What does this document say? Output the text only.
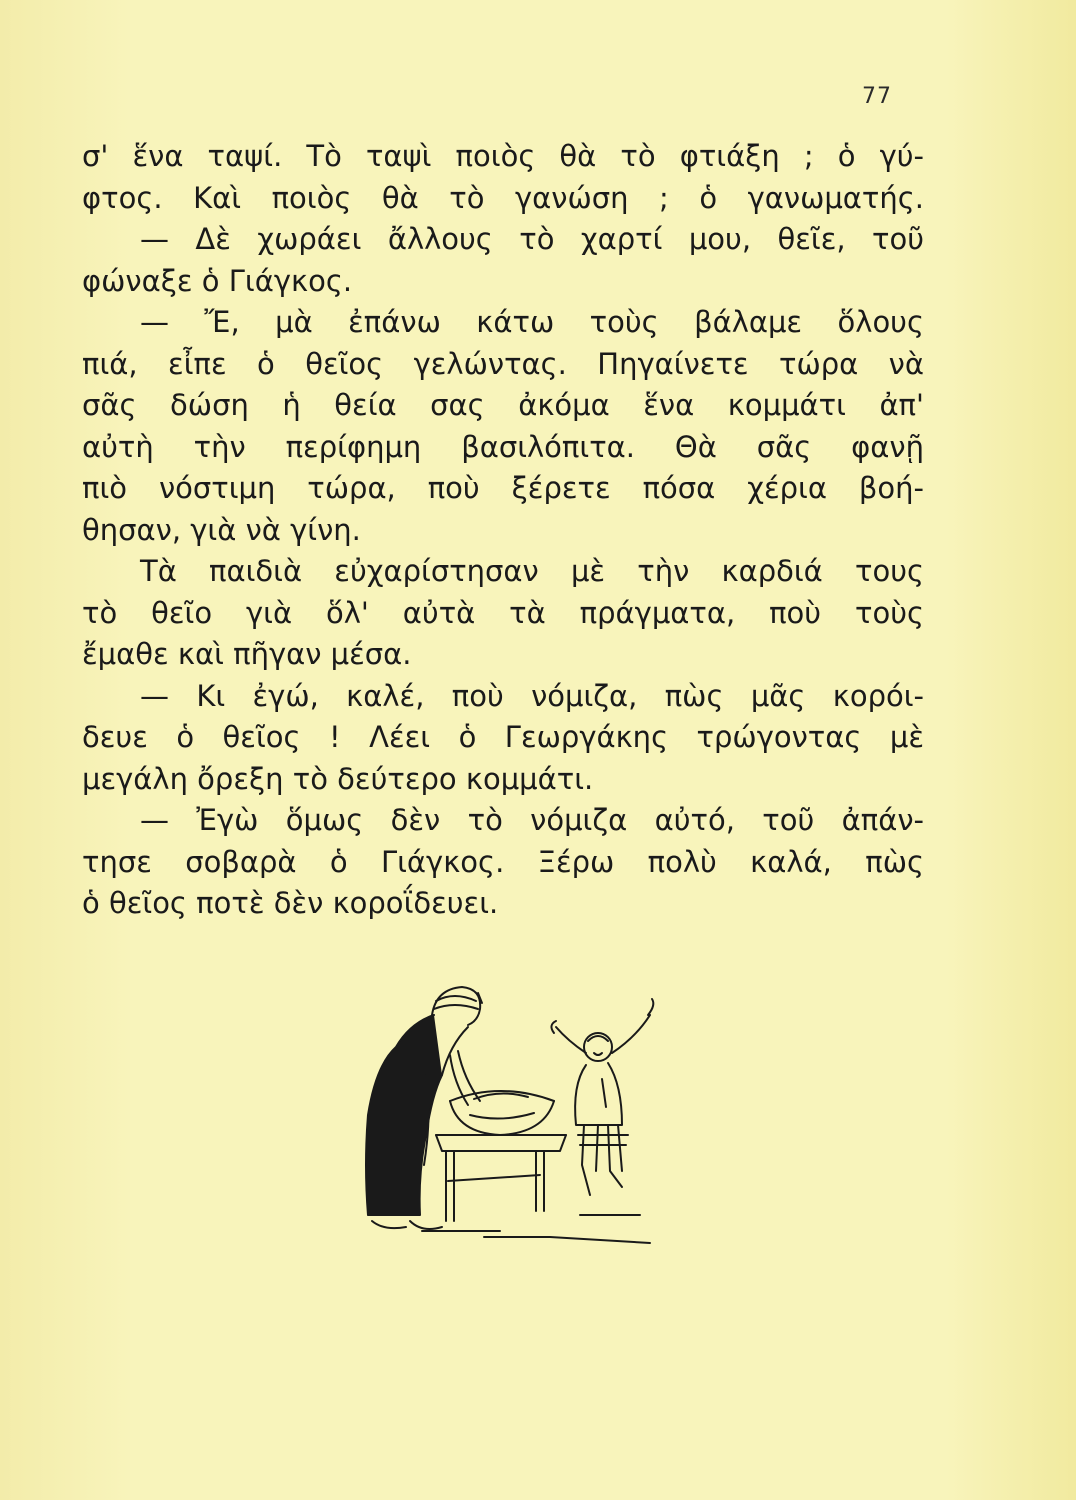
77
σ' ἕνα ταψί. Τὸ ταψὶ ποιὸς θὰ τὸ φτιάξη ; ὁ γύ-
φτος. Καὶ ποιὸς θὰ τὸ γανώση ; ὁ γανωματής.
— Δὲ χωράει ἄλλους τὸ χαρτί μου, θεῖε, τοῦ
φώναξε ὁ Γιάγκος.
— Ἔ, μὰ ἐπάνω κάτω τοὺς βάλαμε ὅλους
πιά, εἶπε ὁ θεῖος γελώντας. Πηγαίνετε τώρα νὰ
σᾶς δώση ἡ θεία σας ἀκόμα ἕνα κομμάτι ἀπ'
αὐτὴ τὴν περίφημη βασιλόπιτα. Θὰ σᾶς φανῇ
πιὸ νόστιμη τώρα, ποὺ ξέρετε πόσα χέρια βοή-
θησαν, γιὰ νὰ γίνη.
Τὰ παιδιὰ εὐχαρίστησαν μὲ τὴν καρδιά τους
τὸ θεῖο γιὰ ὅλ' αὐτὰ τὰ πράγματα, ποὺ τοὺς
ἔμαθε καὶ πῆγαν μέσα.
— Κι ἐγώ, καλέ, ποὺ νόμιζα, πὼς μᾶς κορόι-
δευε ὁ θεῖος ! Λέει ὁ Γεωργάκης τρώγοντας μὲ
μεγάλη ὄρεξη τὸ δεύτερο κομμάτι.
— Ἐγὼ ὅμως δὲν τὸ νόμιζα αὐτό, τοῦ ἀπάν-
τησε σοβαρὰ ὁ Γιάγκος. Ξέρω πολὺ καλά, πὼς
ὁ θεῖος ποτὲ δὲν κοροΐδευει.
